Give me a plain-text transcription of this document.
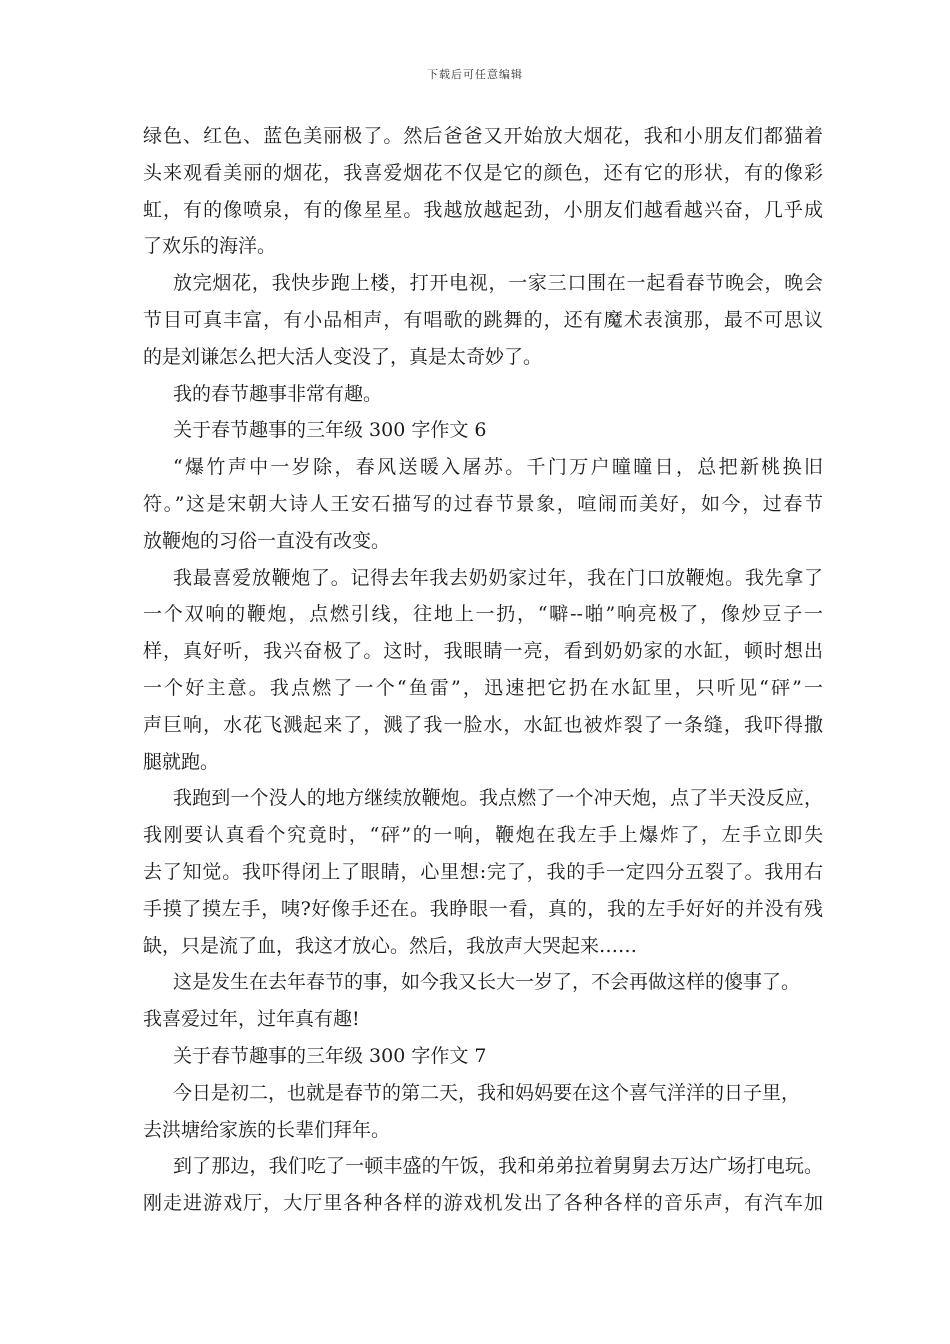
下载后可任意编辑
绿色、红色、蓝色美丽极了。然后爸爸又开始放大烟花，我和小朋友们都猫着
头来观看美丽的烟花，我喜爱烟花不仅是它的颜色，还有它的形状，有的像彩
虹，有的像喷泉，有的像星星。我越放越起劲，小朋友们越看越兴奋，几乎成
了欢乐的海洋。
放完烟花，我快步跑上楼，打开电视，一家三口围在一起看春节晚会，晚会
节目可真丰富，有小品相声，有唱歌的跳舞的，还有魔术表演那，最不可思议
的是刘谦怎么把大活人变没了，真是太奇妙了。
我的春节趣事非常有趣。
关于春节趣事的三年级 300 字作文 6
“爆竹声中一岁除，春风送暖入屠苏。千门万户曈曈日，总把新桃换旧
符。”这是宋朝大诗人王安石描写的过春节景象，喧闹而美好，如今，过春节
放鞭炮的习俗一直没有改变。
我最喜爱放鞭炮了。记得去年我去奶奶家过年，我在门口放鞭炮。我先拿了
一个双响的鞭炮，点燃引线，往地上一扔，“噼--啪”响亮极了，像炒豆子一
样，真好听，我兴奋极了。这时，我眼睛一亮，看到奶奶家的水缸，顿时想出
一个好主意。我点燃了一个“鱼雷”，迅速把它扔在水缸里，只听见“砰”一
声巨响，水花飞溅起来了，溅了我一脸水，水缸也被炸裂了一条缝，我吓得撒
腿就跑。
我跑到一个没人的地方继续放鞭炮。我点燃了一个冲天炮，点了半天没反应，
我刚要认真看个究竟时，“砰”的一响，鞭炮在我左手上爆炸了，左手立即失
去了知觉。我吓得闭上了眼睛，心里想:完了，我的手一定四分五裂了。我用右
手摸了摸左手，咦?好像手还在。我睁眼一看，真的，我的左手好好的并没有残
缺，只是流了血，我这才放心。然后，我放声大哭起来……
这是发生在去年春节的事，如今我又长大一岁了，不会再做这样的傻事了。
我喜爱过年，过年真有趣!
关于春节趣事的三年级 300 字作文 7
今日是初二，也就是春节的第二天，我和妈妈要在这个喜气洋洋的日子里，
去洪塘给家族的长辈们拜年。
到了那边，我们吃了一顿丰盛的午饭，我和弟弟拉着舅舅去万达广场打电玩。
刚走进游戏厅，大厅里各种各样的游戏机发出了各种各样的音乐声，有汽车加
